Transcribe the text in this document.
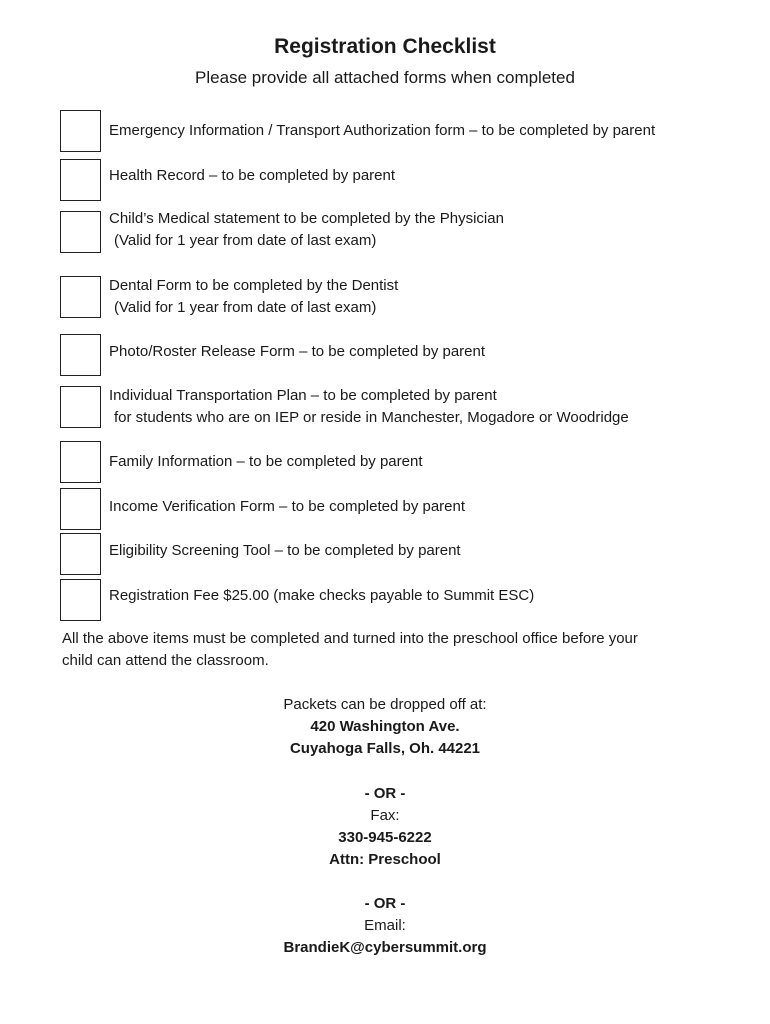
Registration Checklist
Please provide all attached forms when completed
Emergency Information / Transport Authorization form – to be completed by parent
Health Record – to be completed by parent
Child’s Medical statement to be completed by the Physician
(Valid for 1 year from date of last exam)
Dental Form to be completed by the Dentist
(Valid for 1 year from date of last exam)
Photo/Roster Release Form – to be completed by parent
Individual Transportation Plan – to be completed by parent
for students who are on IEP or reside in Manchester, Mogadore or Woodridge
Family Information – to be completed by parent
Income Verification Form – to be completed by parent
Eligibility Screening Tool – to be completed by parent
Registration Fee $25.00 (make checks payable to Summit ESC)
All the above items must be completed and turned into the preschool office before your
child can attend the classroom.
Packets can be dropped off at:
420 Washington Ave.
Cuyahoga Falls, Oh. 44221
- OR -
Fax:
330-945-6222
Attn: Preschool
- OR -
Email:
BrandieK@cybersummit.org
